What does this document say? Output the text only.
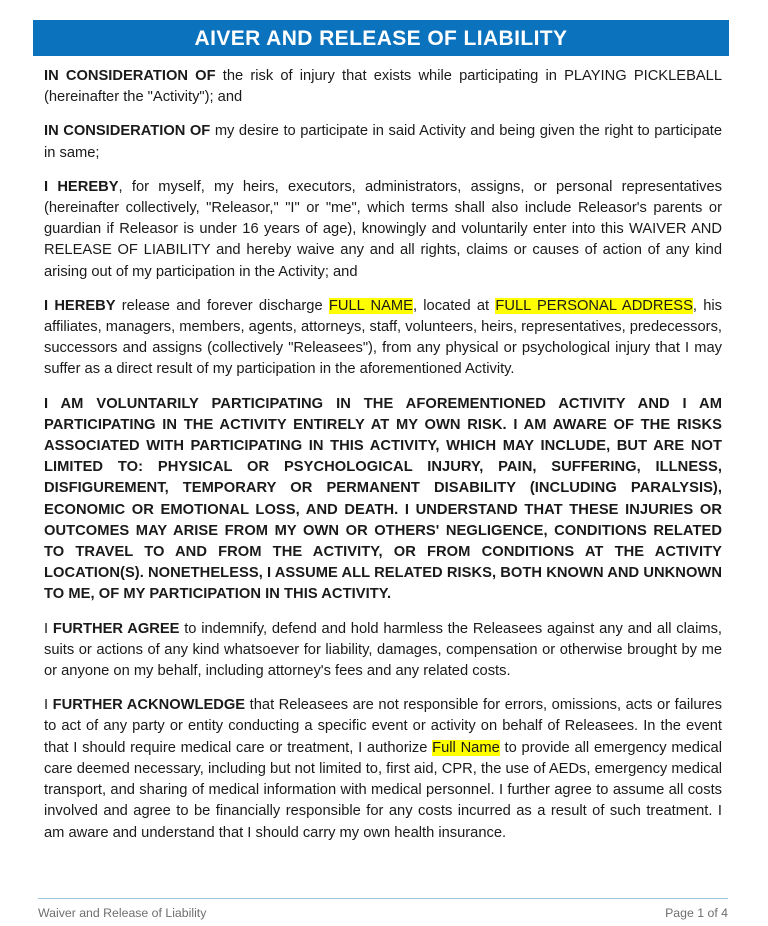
AIVER AND RELEASE OF LIABILITY

IN CONSIDERATION OF the risk of injury that exists while participating in PLAYING PICKLEBALL (hereinafter the "Activity"); and

IN CONSIDERATION OF my desire to participate in said Activity and being given the right to participate in same;

I HEREBY, for myself, my heirs, executors, administrators, assigns, or personal representatives (hereinafter collectively, "Releasor," "I" or "me", which terms shall also include Releasor's parents or guardian if Releasor is under 16 years of age), knowingly and voluntarily enter into this WAIVER AND RELEASE OF LIABILITY and hereby waive any and all rights, claims or causes of action of any kind arising out of my participation in the Activity; and

I HEREBY release and forever discharge FULL NAME, located at FULL PERSONAL ADDRESS, his affiliates, managers, members, agents, attorneys, staff, volunteers, heirs, representatives, predecessors, successors and assigns (collectively "Releasees"), from any physical or psychological injury that I may suffer as a direct result of my participation in the aforementioned Activity.

I AM VOLUNTARILY PARTICIPATING IN THE AFOREMENTIONED ACTIVITY AND I AM PARTICIPATING IN THE ACTIVITY ENTIRELY AT MY OWN RISK. I AM AWARE OF THE RISKS ASSOCIATED WITH PARTICIPATING IN THIS ACTIVITY, WHICH MAY INCLUDE, BUT ARE NOT LIMITED TO: PHYSICAL OR PSYCHOLOGICAL INJURY, PAIN, SUFFERING, ILLNESS, DISFIGUREMENT, TEMPORARY OR PERMANENT DISABILITY (INCLUDING PARALYSIS), ECONOMIC OR EMOTIONAL LOSS, AND DEATH. I UNDERSTAND THAT THESE INJURIES OR OUTCOMES MAY ARISE FROM MY OWN OR OTHERS' NEGLIGENCE, CONDITIONS RELATED TO TRAVEL TO AND FROM THE ACTIVITY, OR FROM CONDITIONS AT THE ACTIVITY LOCATION(S). NONETHELESS, I ASSUME ALL RELATED RISKS, BOTH KNOWN AND UNKNOWN TO ME, OF MY PARTICIPATION IN THIS ACTIVITY.

I FURTHER AGREE to indemnify, defend and hold harmless the Releasees against any and all claims, suits or actions of any kind whatsoever for liability, damages, compensation or otherwise brought by me or anyone on my behalf, including attorney's fees and any related costs.

I FURTHER ACKNOWLEDGE that Releasees are not responsible for errors, omissions, acts or failures to act of any party or entity conducting a specific event or activity on behalf of Releasees. In the event that I should require medical care or treatment, I authorize Full Name to provide all emergency medical care deemed necessary, including but not limited to, first aid, CPR, the use of AEDs, emergency medical transport, and sharing of medical information with medical personnel. I further agree to assume all costs involved and agree to be financially responsible for any costs incurred as a result of such treatment. I am aware and understand that I should carry my own health insurance.

Waiver and Release of Liability	Page 1 of 4
